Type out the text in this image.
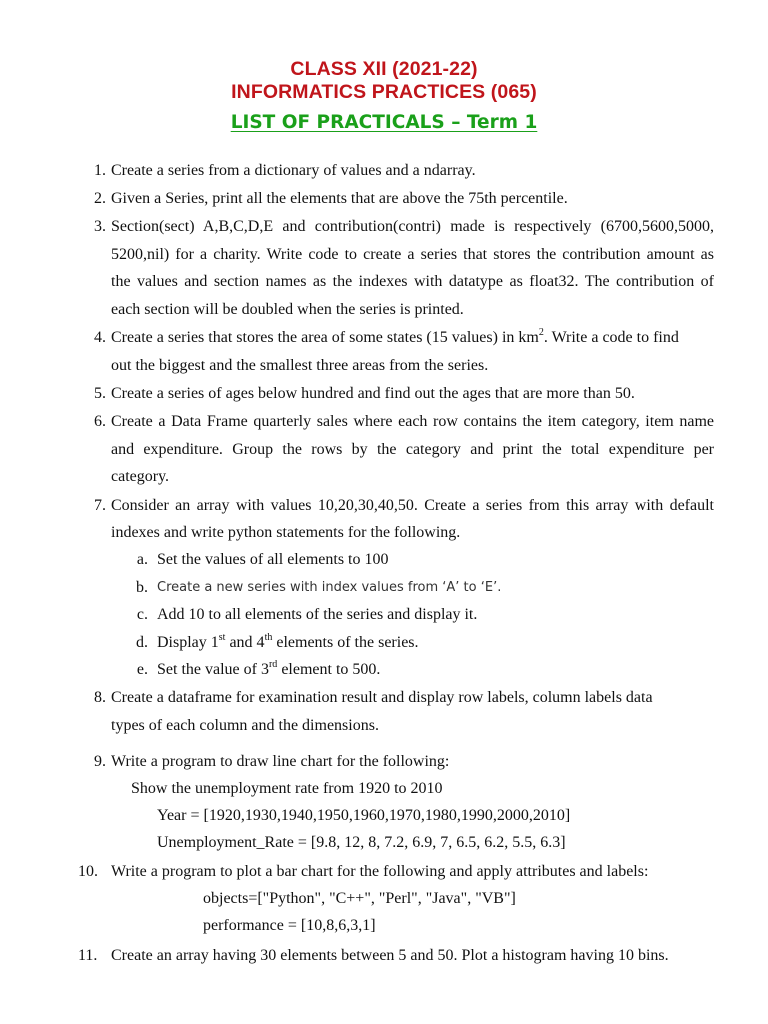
CLASS XII (2021-22)
INFORMATICS PRACTICES (065)
LIST OF PRACTICALS – Term 1
1. Create a series from a dictionary of values and a ndarray.
2. Given a Series, print all the elements that are above the 75th percentile.
3. Section(sect) A,B,C,D,E and contribution(contri) made is respectively (6700,5600,5000,
5200,nil) for a charity. Write code to create a series that stores the contribution amount as
the values and section names as the indexes with datatype as float32. The contribution of
each section will be doubled when the series is printed.
4. Create a series that stores the area of some states (15 values) in $km^2$. Write a code to find
out the biggest and the smallest three areas from the series.
5. Create a series of ages below hundred and find out the ages that are more than 50.
6. Create a Data Frame quarterly sales where each row contains the item category, item name
and expenditure. Group the rows by the category and print the total expenditure per
category.
7. Consider an array with values 10,20,30,40,50. Create a series from this array with default
indexes and write python statements for the following.
a. Set the values of all elements to 100
b. Create a new series with index values from ‘A’ to ‘E’.
c. Add 10 to all elements of the series and display it.
d. Display 1st and 4th elements of the series.
e. Set the value of 3rd element to 500.
8. Create a dataframe for examination result and display row labels, column labels data
types of each column and the dimensions.
9. Write a program to draw line chart for the following:
Show the unemployment rate from 1920 to 2010
Year = [1920,1930,1940,1950,1960,1970,1980,1990,2000,2010]
Unemployment_Rate = [9.8, 12, 8, 7.2, 6.9, 7, 6.5, 6.2, 5.5, 6.3]
10. Write a program to plot a bar chart for the following and apply attributes and labels:
objects=["Python", "C++", "Perl", "Java", "VB"]
performance = [10,8,6,3,1]
11. Create an array having 30 elements between 5 and 50. Plot a histogram having 10 bins.
